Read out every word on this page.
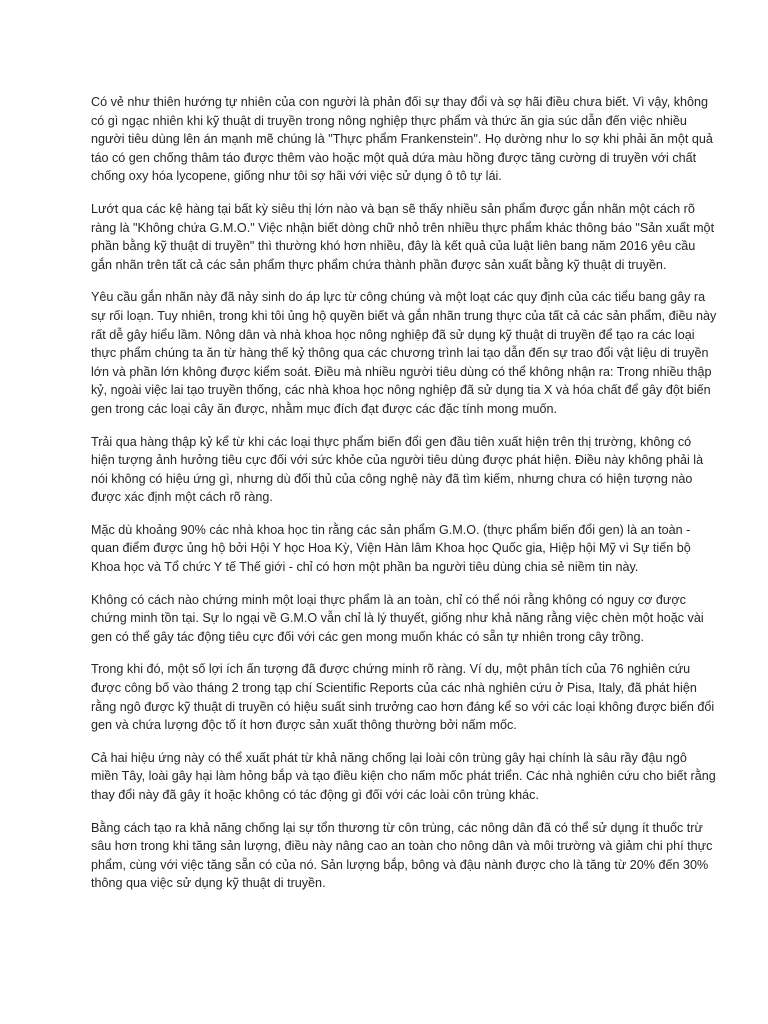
Có vẻ như thiên hướng tự nhiên của con người là phản đối sự thay đổi và sợ hãi điều chưa biết. Vì vậy, không có gì ngạc nhiên khi kỹ thuật di truyền trong nông nghiệp thực phẩm và thức ăn gia súc dẫn đến việc nhiều người tiêu dùng lên án mạnh mẽ chúng là "Thực phẩm Frankenstein". Họ dường như lo sợ khi phải ăn một quả táo có gen chống thâm táo được thêm vào hoặc một quả dứa màu hồng được tăng cường di truyền với chất chống oxy hóa lycopene, giống như tôi sợ hãi với việc sử dụng ô tô tự lái.

Lướt qua các kệ hàng tại bất kỳ siêu thị lớn nào và bạn sẽ thấy nhiều sản phẩm được gắn nhãn một cách rõ ràng là "Không chứa G.M.O." Việc nhận biết dòng chữ nhỏ trên nhiều thực phẩm khác thông báo "Sản xuất một phần bằng kỹ thuật di truyền" thì thường khó hơn nhiều, đây là kết quả của luật liên bang năm 2016 yêu cầu gắn nhãn trên tất cả các sản phẩm thực phẩm chứa thành phần được sản xuất bằng kỹ thuật di truyền.

Yêu cầu gắn nhãn này đã nảy sinh do áp lực từ công chúng và một loạt các quy định của các tiểu bang gây ra sự rối loạn. Tuy nhiên, trong khi tôi ủng hộ quyền biết và gắn nhãn trung thực của tất cả các sản phẩm, điều này rất dễ gây hiểu lầm. Nông dân và nhà khoa học nông nghiệp đã sử dụng kỹ thuật di truyền để tạo ra các loại thực phẩm chúng ta ăn từ hàng thế kỷ thông qua các chương trình lai tạo dẫn đến sự trao đổi vật liệu di truyền lớn và phần lớn không được kiểm soát. Điều mà nhiều người tiêu dùng có thể không nhận ra: Trong nhiều thập kỷ, ngoài việc lai tạo truyền thống, các nhà khoa học nông nghiệp đã sử dụng tia X và hóa chất để gây đột biến gen trong các loại cây ăn được, nhằm mục đích đạt được các đặc tính mong muốn.

Trải qua hàng thập kỷ kể từ khi các loại thực phẩm biến đổi gen đầu tiên xuất hiện trên thị trường, không có hiện tượng ảnh hưởng tiêu cực đối với sức khỏe của người tiêu dùng được phát hiện. Điều này không phải là nói không có hiệu ứng gì, nhưng dù đối thủ của công nghệ này đã tìm kiếm, nhưng chưa có hiện tượng nào được xác định một cách rõ ràng.

Mặc dù khoảng 90% các nhà khoa học tin rằng các sản phẩm G.M.O. (thực phẩm biến đổi gen) là an toàn - quan điểm được ủng hộ bởi Hội Y học Hoa Kỳ, Viện Hàn lâm Khoa học Quốc gia, Hiệp hội Mỹ vì Sự tiến bộ Khoa học và Tổ chức Y tế Thế giới - chỉ có hơn một phần ba người tiêu dùng chia sẻ niềm tin này.

Không có cách nào chứng minh một loại thực phẩm là an toàn, chỉ có thể nói rằng không có nguy cơ được chứng minh tồn tại. Sự lo ngại về G.M.O vẫn chỉ là lý thuyết, giống như khả năng rằng việc chèn một hoặc vài gen có thể gây tác động tiêu cực đối với các gen mong muốn khác có sẵn tự nhiên trong cây trồng.

Trong khi đó, một số lợi ích ấn tượng đã được chứng minh rõ ràng. Ví dụ, một phân tích của 76 nghiên cứu được công bố vào tháng 2 trong tạp chí Scientific Reports của các nhà nghiên cứu ở Pisa, Italy, đã phát hiện rằng ngô được kỹ thuật di truyền có hiệu suất sinh trưởng cao hơn đáng kể so với các loại không được biến đổi gen và chứa lượng độc tố ít hơn được sản xuất thông thường bởi nấm mốc.

Cả hai hiệu ứng này có thể xuất phát từ khả năng chống lại loài côn trùng gây hại chính là sâu rầy đậu ngô miền Tây, loài gây hại làm hỏng bắp và tạo điều kiện cho nấm mốc phát triển. Các nhà nghiên cứu cho biết rằng thay đổi này đã gây ít hoặc không có tác động gì đối với các loài côn trùng khác.

Bằng cách tạo ra khả năng chống lại sự tổn thương từ côn trùng, các nông dân đã có thể sử dụng ít thuốc trừ sâu hơn trong khi tăng sản lượng, điều này nâng cao an toàn cho nông dân và môi trường và giảm chi phí thực phẩm, cùng với việc tăng sẵn có của nó. Sản lượng bắp, bông và đậu nành được cho là tăng từ 20% đến 30% thông qua việc sử dụng kỹ thuật di truyền.
